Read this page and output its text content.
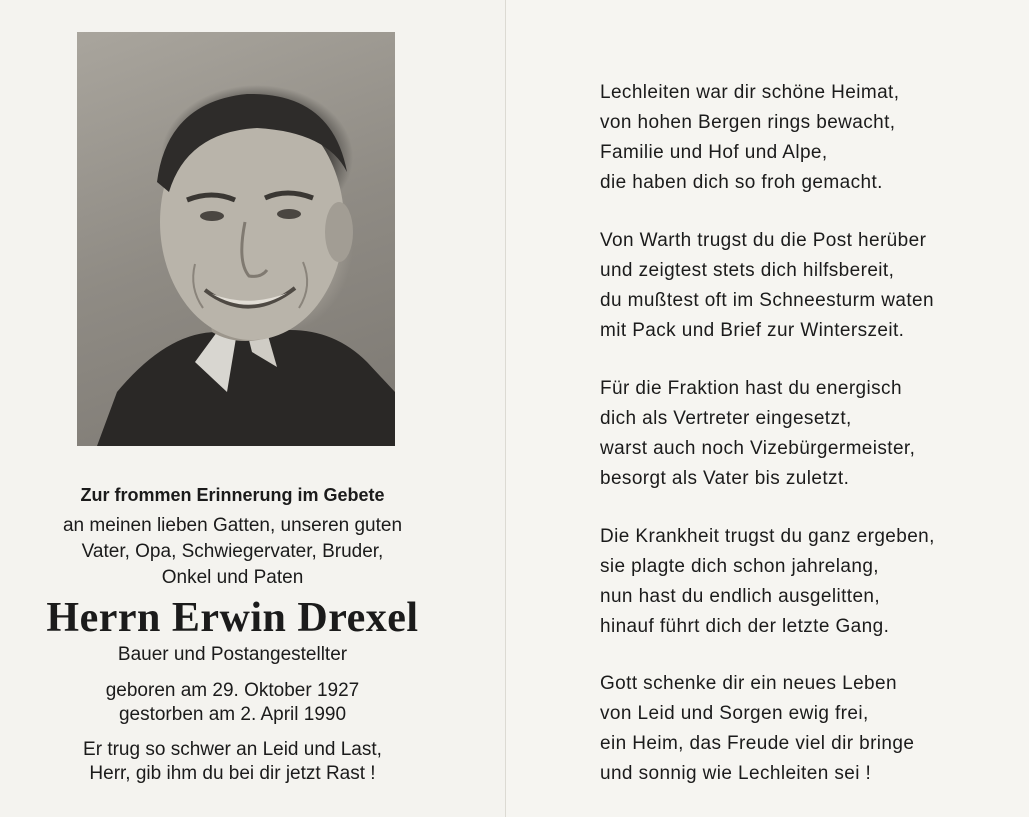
Zur frommen Erinnerung im Gebete
an meinen lieben Gatten, unseren guten
Vater, Opa, Schwiegervater, Bruder,
Onkel und Paten
Herrn Erwin Drexel
Bauer und Postangestellter
geboren am 29. Oktober 1927
gestorben am 2. April 1990
Er trug so schwer an Leid und Last,
Herr, gib ihm du bei dir jetzt Rast !
Lechleiten war dir schöne Heimat,
von hohen Bergen rings bewacht,
Familie und Hof und Alpe,
die haben dich so froh gemacht.
Von Warth trugst du die Post herüber
und zeigtest stets dich hilfsbereit,
du mußtest oft im Schneesturm waten
mit Pack und Brief zur Winterszeit.
Für die Fraktion hast du energisch
dich als Vertreter eingesetzt,
warst auch noch Vizebürgermeister,
besorgt als Vater bis zuletzt.
Die Krankheit trugst du ganz ergeben,
sie plagte dich schon jahrelang,
nun hast du endlich ausgelitten,
hinauf führt dich der letzte Gang.
Gott schenke dir ein neues Leben
von Leid und Sorgen ewig frei,
ein Heim, das Freude viel dir bringe
und sonnig wie Lechleiten sei !
